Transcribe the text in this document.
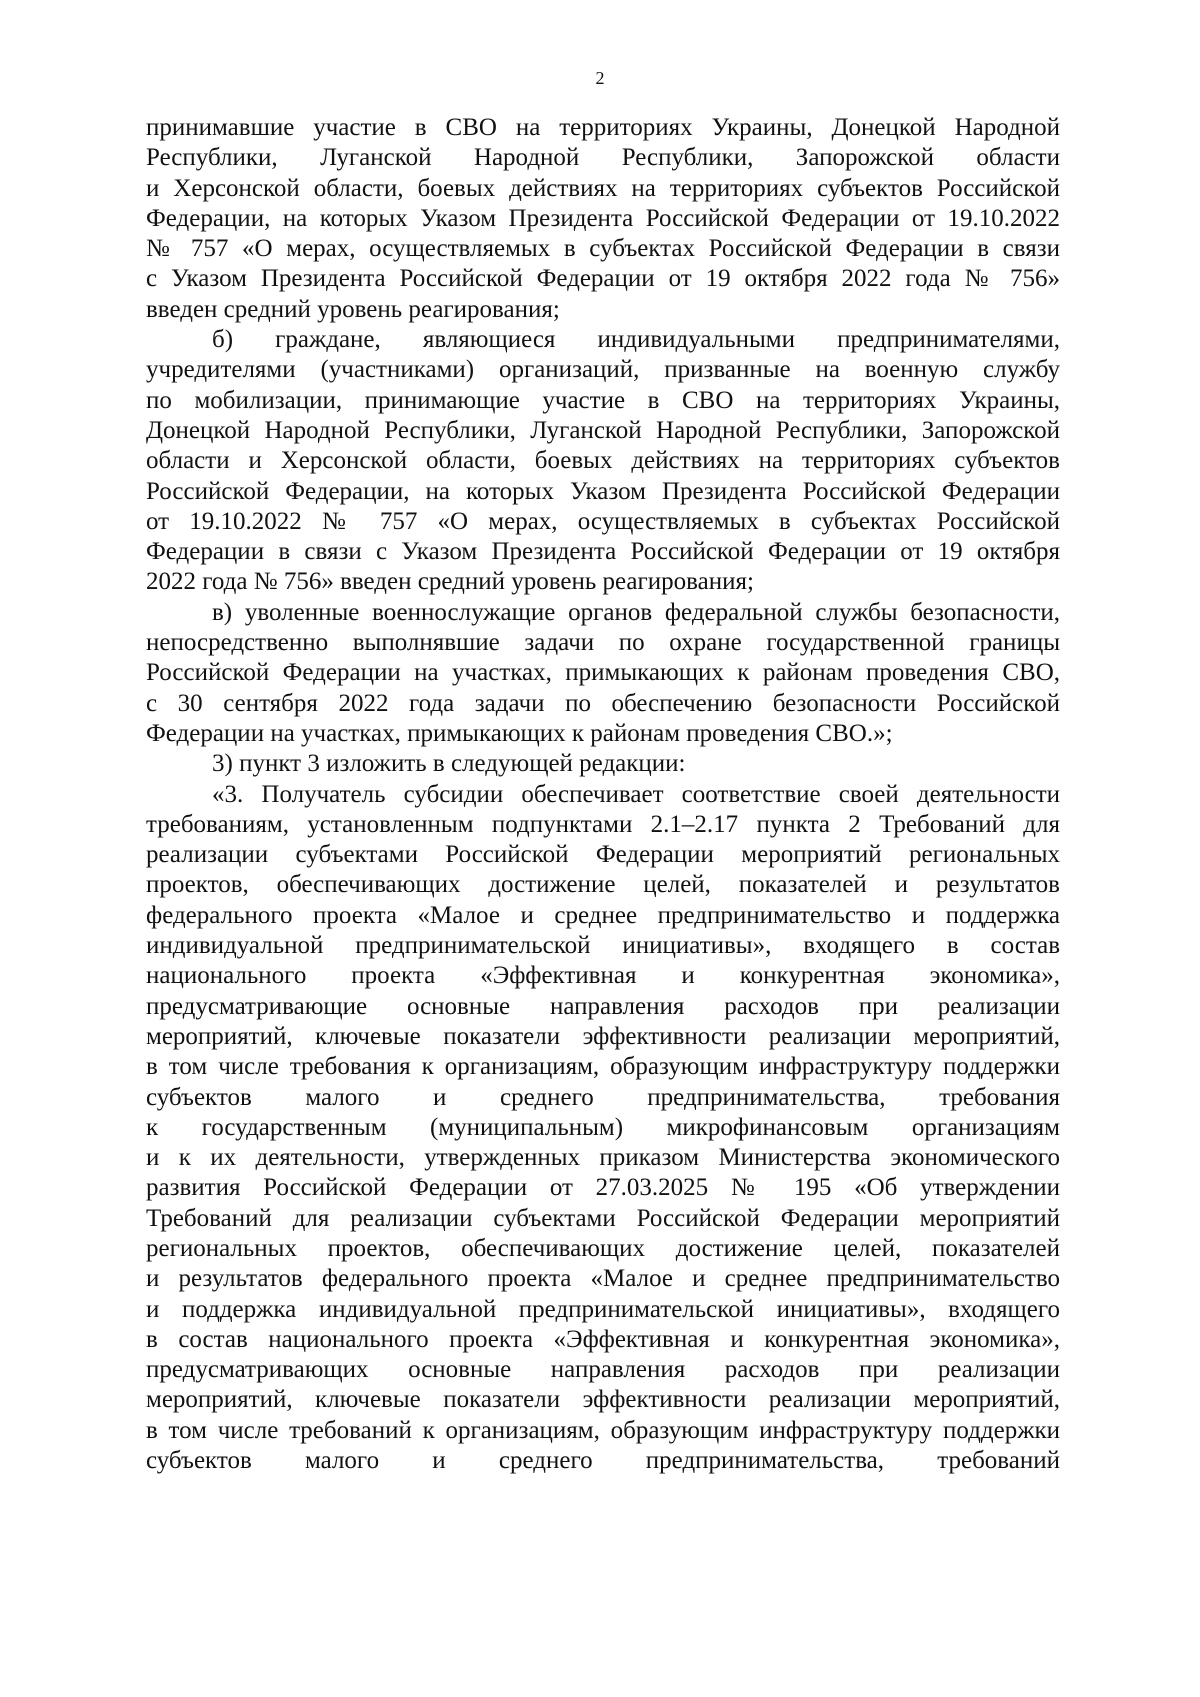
2
принимавшие участие в СВО на территориях Украины, Донецкой Народной
Республики, Луганской Народной Республики, Запорожской области
и Херсонской области, боевых действиях на территориях субъектов Российской
Федерации, на которых Указом Президента Российской Федерации от 19.10.2022
№ 757 «О мерах, осуществляемых в субъектах Российской Федерации в связи
с Указом Президента Российской Федерации от 19 октября 2022 года № 756»
введен средний уровень реагирования;
б) граждане, являющиеся индивидуальными предпринимателями,
учредителями (участниками) организаций, призванные на военную службу
по мобилизации, принимающие участие в СВО на территориях Украины,
Донецкой Народной Республики, Луганской Народной Республики, Запорожской
области и Херсонской области, боевых действиях на территориях субъектов
Российской Федерации, на которых Указом Президента Российской Федерации
от 19.10.2022 № 757 «О мерах, осуществляемых в субъектах Российской
Федерации в связи с Указом Президента Российской Федерации от 19 октября
2022 года № 756» введен средний уровень реагирования;
в) уволенные военнослужащие органов федеральной службы безопасности,
непосредственно выполнявшие задачи по охране государственной границы
Российской Федерации на участках, примыкающих к районам проведения СВО,
с 30 сентября 2022 года задачи по обеспечению безопасности Российской
Федерации на участках, примыкающих к районам проведения СВО.»;
3) пункт 3 изложить в следующей редакции:
«3. Получатель субсидии обеспечивает соответствие своей деятельности
требованиям, установленным подпунктами 2.1–2.17 пункта 2 Требований для
реализации субъектами Российской Федерации мероприятий региональных
проектов, обеспечивающих достижение целей, показателей и результатов
федерального проекта «Малое и среднее предпринимательство и поддержка
индивидуальной предпринимательской инициативы», входящего в состав
национального проекта «Эффективная и конкурентная экономика»,
предусматривающие основные направления расходов при реализации
мероприятий, ключевые показатели эффективности реализации мероприятий,
в том числе требования к организациям, образующим инфраструктуру поддержки
субъектов малого и среднего предпринимательства, требования
к государственным (муниципальным) микрофинансовым организациям
и к их деятельности, утвержденных приказом Министерства экономического
развития Российской Федерации от 27.03.2025 № 195 «Об утверждении
Требований для реализации субъектами Российской Федерации мероприятий
региональных проектов, обеспечивающих достижение целей, показателей
и результатов федерального проекта «Малое и среднее предпринимательство
и поддержка индивидуальной предпринимательской инициативы», входящего
в состав национального проекта «Эффективная и конкурентная экономика»,
предусматривающих основные направления расходов при реализации
мероприятий, ключевые показатели эффективности реализации мероприятий,
в том числе требований к организациям, образующим инфраструктуру поддержки
субъектов малого и среднего предпринимательства, требований
